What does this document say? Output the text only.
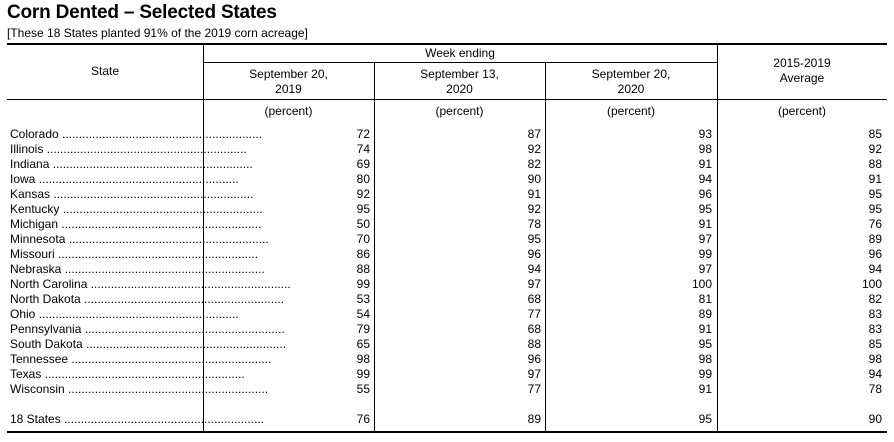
Corn Dented – Selected States
[These 18 States planted 91% of the 2019 corn acreage]
State
Week ending
September 20,
2019
September 13,
2020
September 20,
2020
2015-2019
Average
(percent)	(percent)	(percent)	(percent)
Colorado ............................................................	72	87	93	85
Illinois ............................................................	74	92	98	92
Indiana ............................................................	69	82	91	88
Iowa ............................................................	80	90	94	91
Kansas ............................................................	92	91	96	95
Kentucky ............................................................	95	92	95	95
Michigan ............................................................	50	78	91	76
Minnesota ............................................................	70	95	97	89
Missouri ............................................................	86	96	99	96
Nebraska ............................................................	88	94	97	94
North Carolina ............................................................	99	97	100	100
North Dakota ............................................................	53	68	81	82
Ohio ............................................................	54	77	89	83
Pennsylvania ............................................................	79	68	91	83
South Dakota ............................................................	65	88	95	85
Tennessee ............................................................	98	96	98	98
Texas ............................................................	99	97	99	94
Wisconsin ............................................................	55	77	91	78
18 States ............................................................	76	89	95	90
